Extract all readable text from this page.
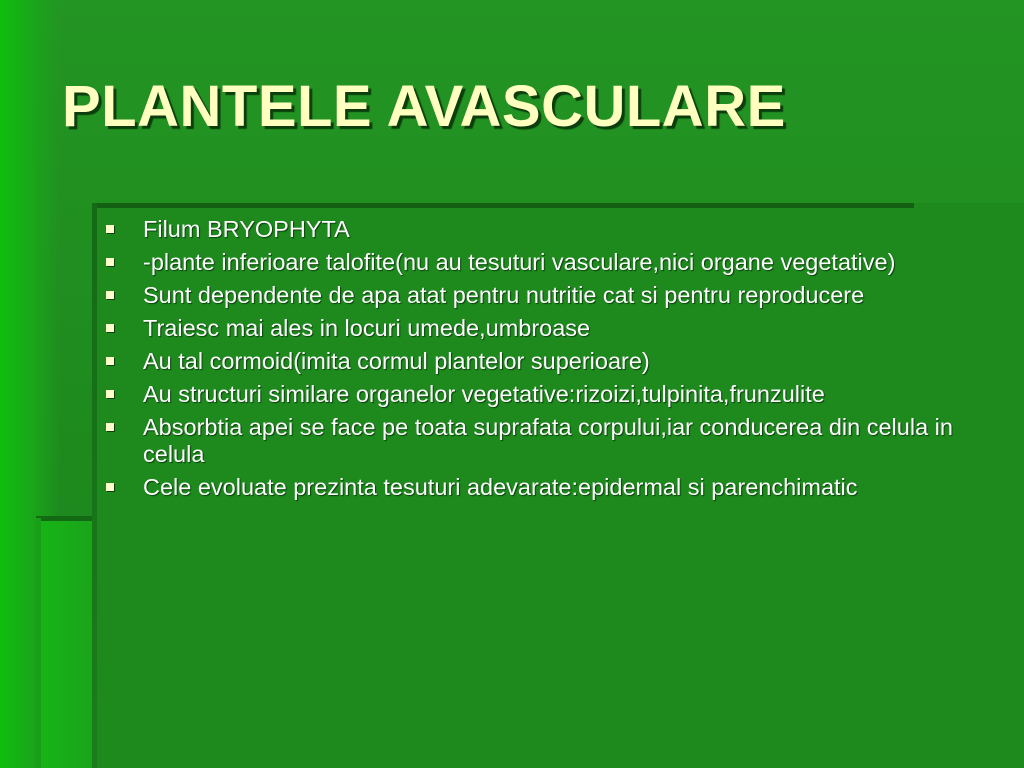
PLANTELE AVASCULARE
Filum BRYOPHYTA
-plante inferioare talofite(nu au tesuturi vasculare,nici organe vegetative)
Sunt dependente de apa atat pentru nutritie cat si pentru reproducere
Traiesc mai ales in locuri umede,umbroase
Au tal cormoid(imita cormul plantelor superioare)
Au structuri similare organelor vegetative:rizoizi,tulpinita,frunzulite
Absorbtia apei se face pe toata suprafata corpului,iar conducerea din celula in celula
Cele evoluate prezinta tesuturi adevarate:epidermal si parenchimatic
